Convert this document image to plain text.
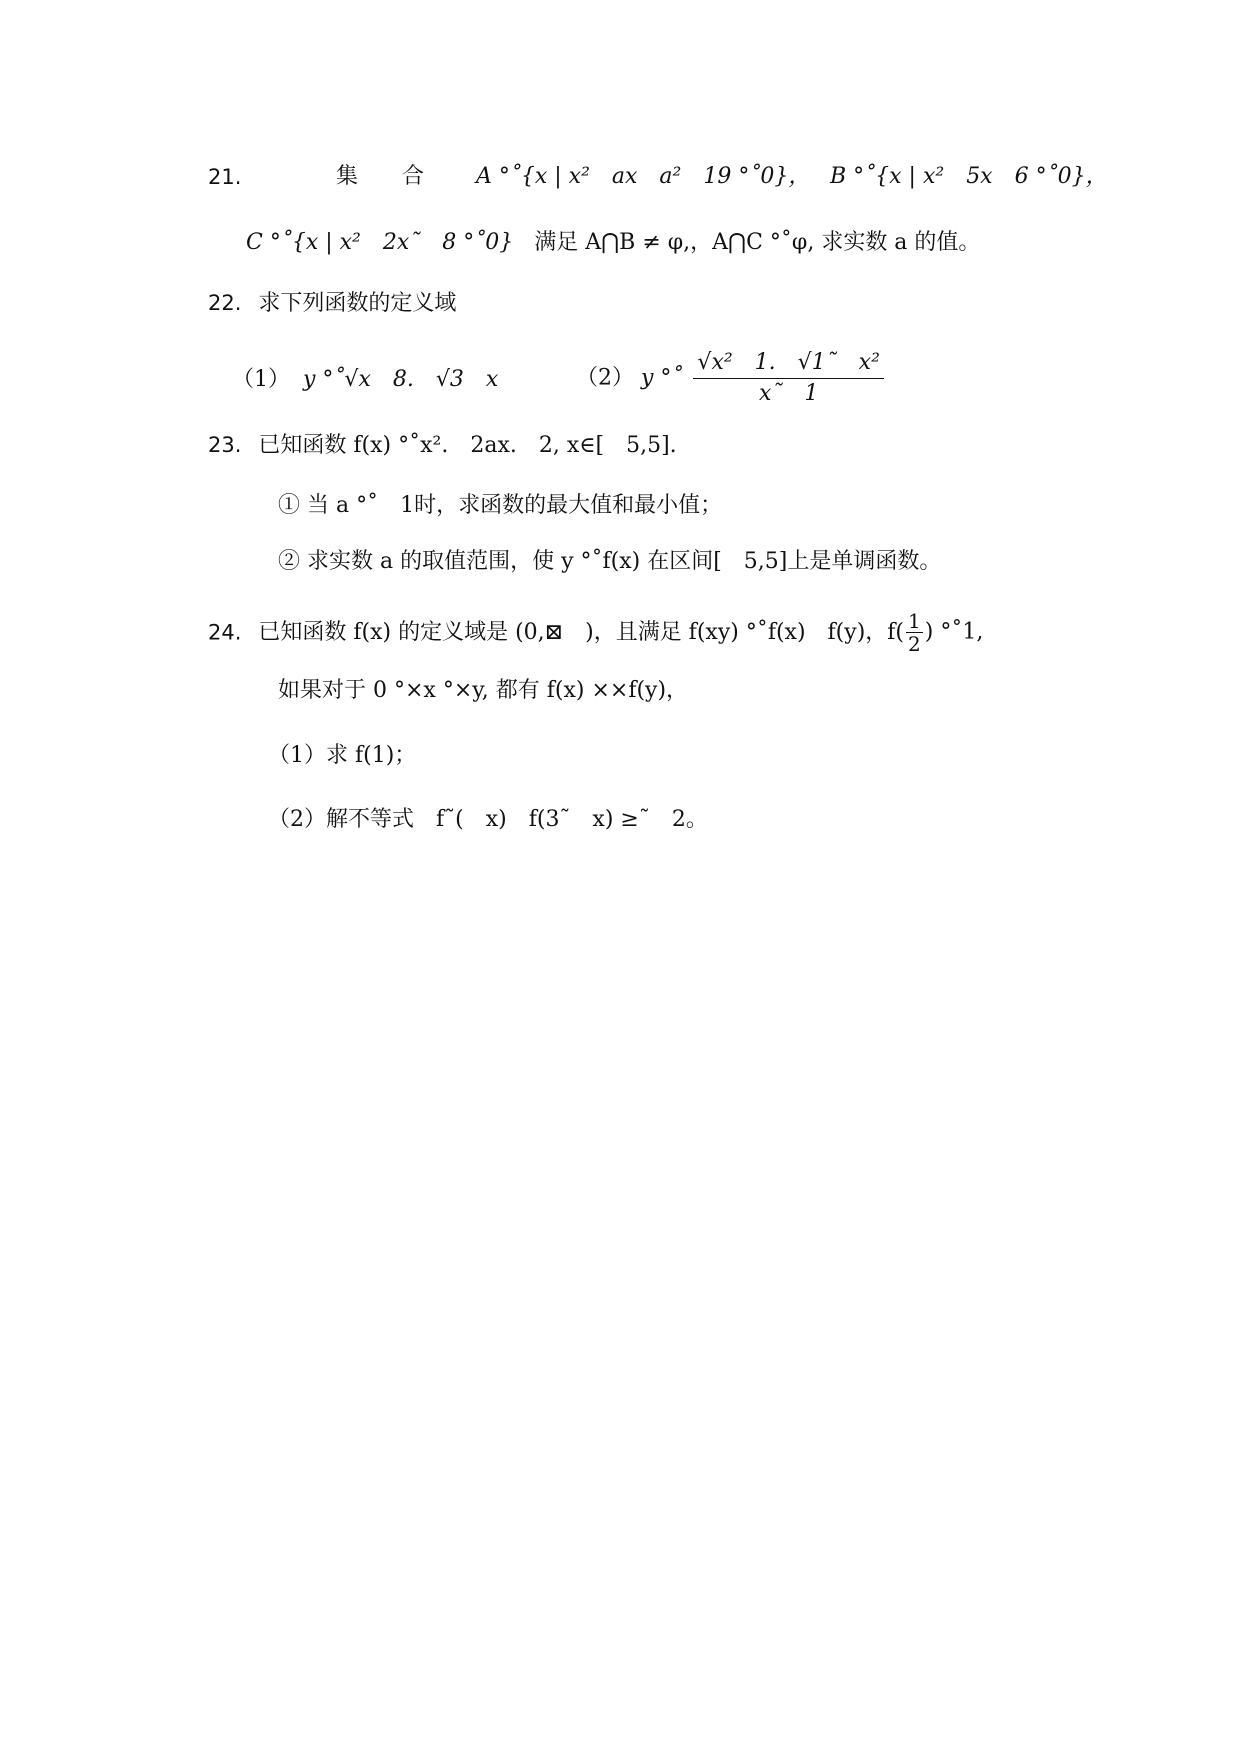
21.	集　　合 A °˚{x | x²　ax　a²　19 °˚0}， B °˚{x | x²　5x　6 °˚0}，
C °˚{x | x²　2x˜　8 °˚0} 满足 A⋂B ≠ φ,，A⋂C °˚φ, 求实数 a 的值。
22. 求下列函数的定义域
（1） y °˚√x　8.　√3　x	（2） y °˚ $\frac{\text{√x²　1.　√1˜　x²}}{x˜ 1}$
23. 已知函数 f(x) °˚x².　2ax.　2, x∈[　5,5].
① 当 a °˚　1时，求函数的最大值和最小值；
② 求实数 a 的取值范围，使 y °˚f(x) 在区间[　5,5]上是单调函数。
24. 已知函数 f(x) 的定义域是 (0,⊠　)，且满足 f(xy) °˚f(x)　f(y)，$f( \frac{1}{2}$ ) °˚1,
如果对于 0 °×x °×y, 都有 f(x) ××f(y)，
（1）求 f(1)；
（2）解不等式　f˜(　x)　f(3˜　x) ≥˜　2。
